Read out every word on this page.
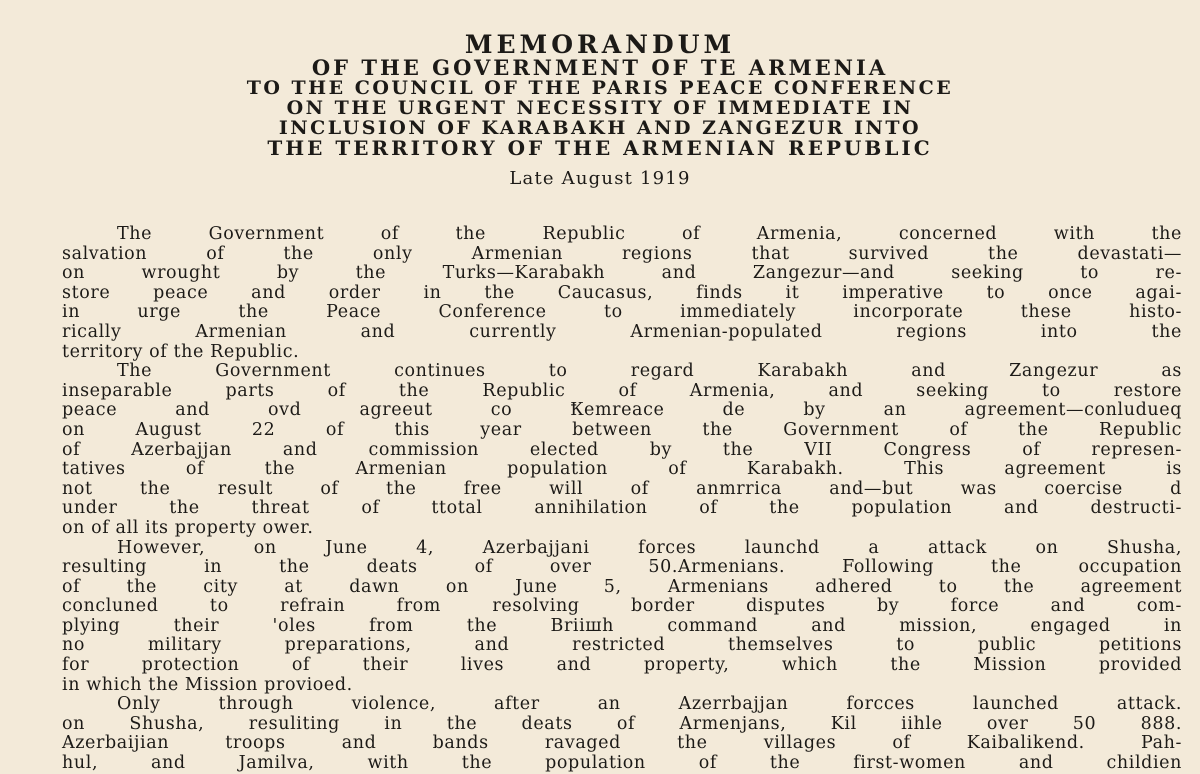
MEMORANDUM
OF THE GOVERNMENT OF TE ARMENIA
TO THE COUNCIL OF THE PARIS PEACE CONFERENCE
ON THE URGENT NECESSITY OF IMMEDIATE IN
INCLUSION OF KARABAKH AND ZANGEZUR INTO
THE TERRITORY OF THE ARMENIAN REPUBLIC
Late August 1919
The Government of the Republic of Armenia, concerned with the
salvation of the only Armenian regions that survived the devastati—
on wrought by the Turks—Karabakh and Zangezur—and seeking to re-
store peace and order in the Caucasus, finds it imperative to once agai-
in urge the Peace Conference to immediately incorporate these histo-
rically Armenian and currently Armenian-populated regions into the
territory of the Republic.
The Government continues to regard Karabakh and Zangezur as
inseparable parts of the Republic of Armenia, and seeking to restore
peace and ovd agreeut co Ꝁemreace de by an agreement—conluduеq
on August 22 of this year between the Government of the Republic
of Azerbajjan and commission elected by the VII Congress of represen-
tatives of the Armenian population of Karabakh. This agreement is
not the result of the free will of anmrrica and—but was coercise d
under the threat of ttotal annihilation of the population and destructi-
on of all its property ower.
However, on June 4, Azerbajjani forces launchd a attack on Shusha,
resulting in the deats of over 50.Armenians. Following the occupation
of the city at dawn on June 5, Armenians adhered to the agreement
conclunеd to refrain from resolving border disputes by force and com-
plying their 'oles from the Brіішh command and mission, engaged in
no military preparations, and restricted themselves to public petitions
for protection of their lives and property, which the Mission provided
in which the Mission provioed.
Only through violence, after an Azerrbajjan forcces launched attack.
on Shusha, resuliting in the deats of Armenjans, Kil iihle over 50 888.
Azerbaijian troops and bands ravaged the villages of Kaibalikend. Pah-
hul, and Jamilva, with the population of the first-women and chіldіen
